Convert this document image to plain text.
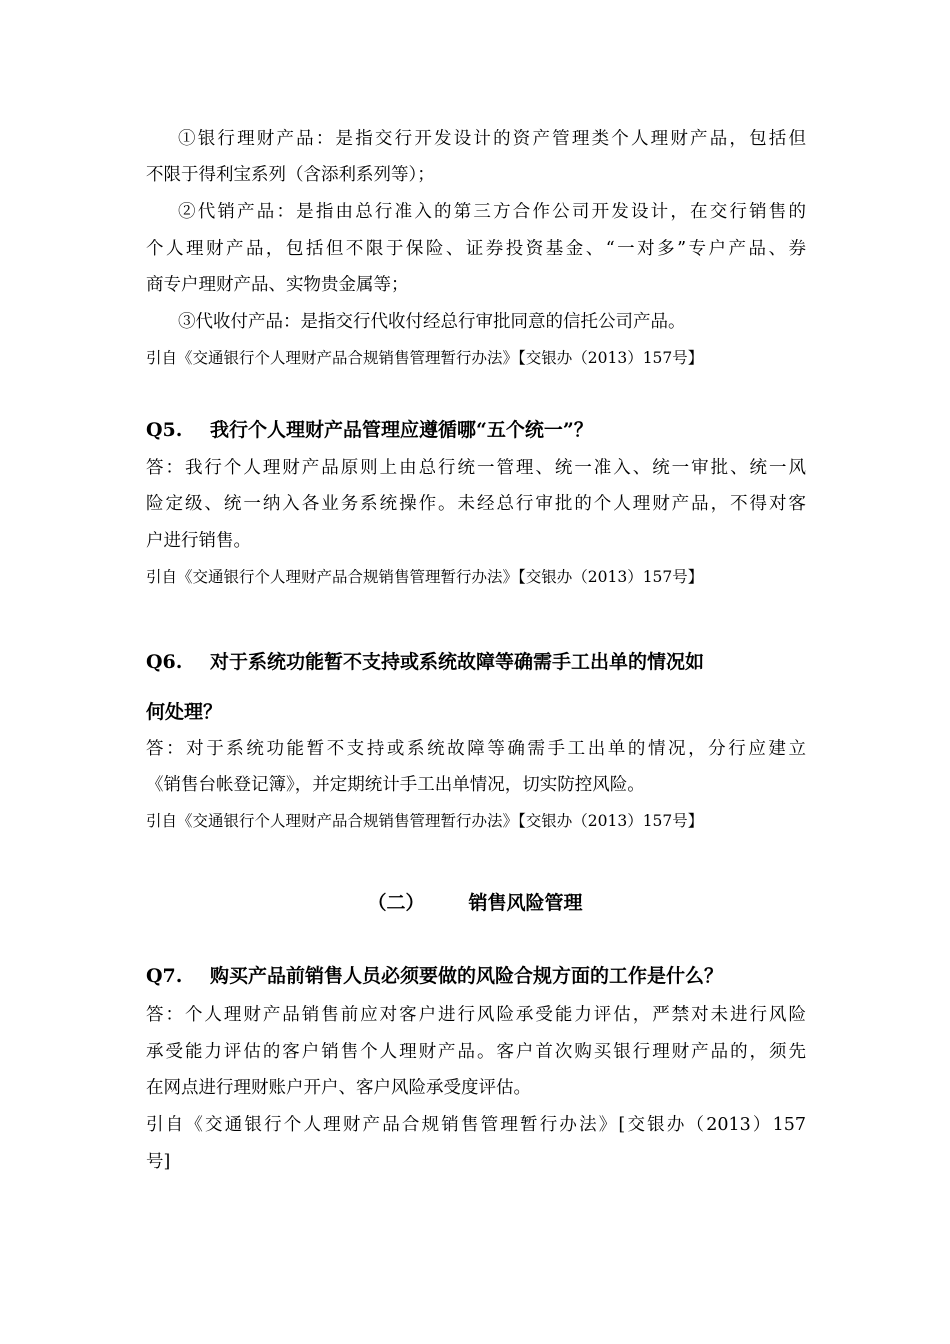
①银行理财产品：是指交行开发设计的资产管理类个人理财产品，包括但
不限于得利宝系列（含添利系列等）；
②代销产品：是指由总行准入的第三方合作公司开发设计，在交行销售的
个人理财产品，包括但不限于保险、证券投资基金、“一对多”专户产品、券
商专户理财产品、实物贵金属等；
③代收付产品：是指交行代收付经总行审批同意的信托公司产品。
引自《交通银行个人理财产品合规销售管理暂行办法》【交银办（2013）157号】
Q5. 我行个人理财产品管理应遵循哪“五个统一”？
答：我行个人理财产品原则上由总行统一管理、统一准入、统一审批、统一风
险定级、统一纳入各业务系统操作。未经总行审批的个人理财产品，不得对客
户进行销售。
引自《交通银行个人理财产品合规销售管理暂行办法》【交银办（2013）157号】
Q6. 对于系统功能暂不支持或系统故障等确需手工出单的情况如
何处理？
答：对于系统功能暂不支持或系统故障等确需手工出单的情况，分行应建立
《销售台帐登记簿》，并定期统计手工出单情况，切实防控风险。
引自《交通银行个人理财产品合规销售管理暂行办法》【交银办（2013）157号】
（二） 销售风险管理
Q7. 购买产品前销售人员必须要做的风险合规方面的工作是什么？
答：个人理财产品销售前应对客户进行风险承受能力评估，严禁对未进行风险
承受能力评估的客户销售个人理财产品。客户首次购买银行理财产品的，须先
在网点进行理财账户开户、客户风险承受度评估。
引自《交通银行个人理财产品合规销售管理暂行办法》[交银办（2013）157
号]
